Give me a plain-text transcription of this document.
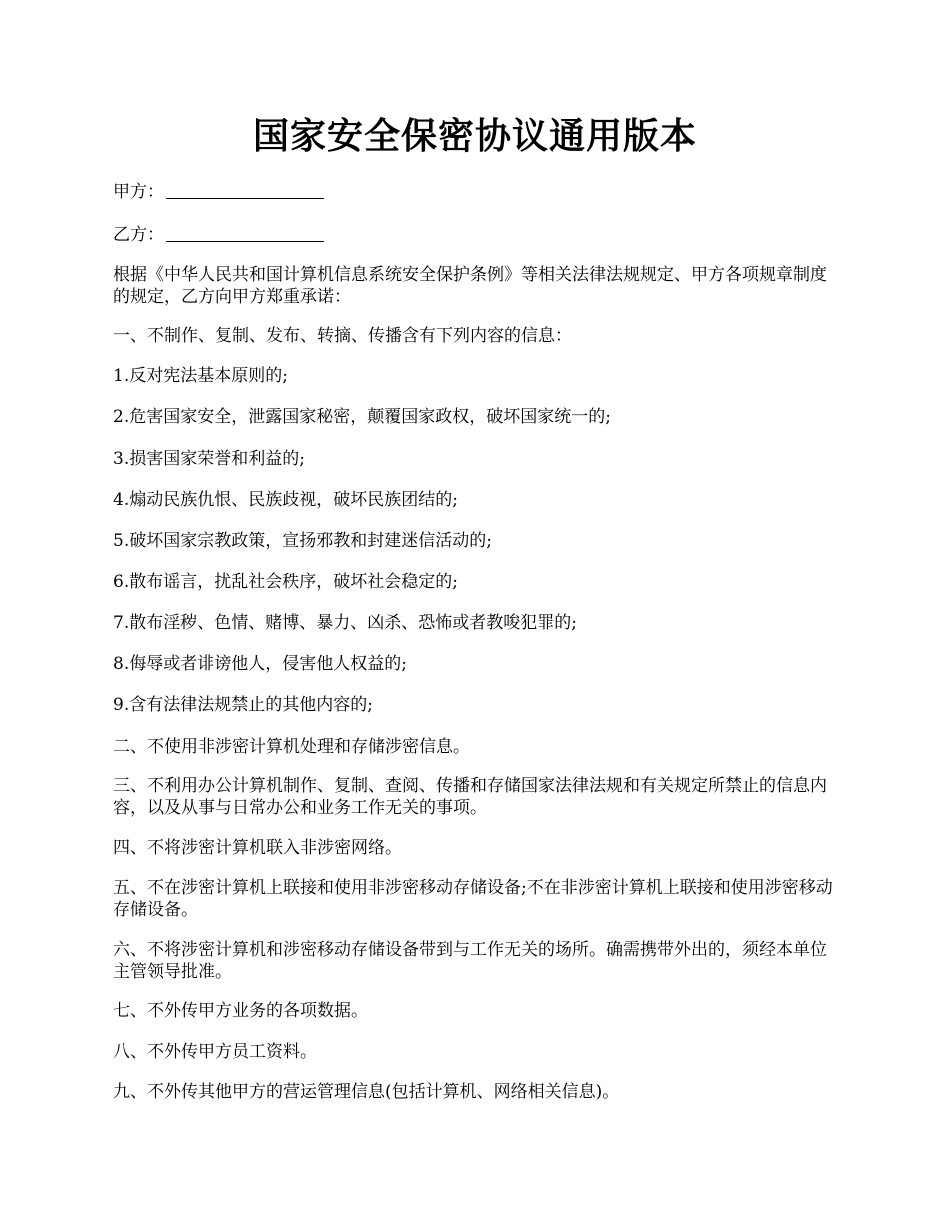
国家安全保密协议通用版本

甲方：

乙方：

根据《中华人民共和国计算机信息系统安全保护条例》等相关法律法规规定、甲方各项规章制度的规定，乙方向甲方郑重承诺：

一、不制作、复制、发布、转摘、传播含有下列内容的信息：

1.反对宪法基本原则的;

2.危害国家安全，泄露国家秘密，颠覆国家政权，破坏国家统一的;

3.损害国家荣誉和利益的;

4.煽动民族仇恨、民族歧视，破坏民族团结的;

5.破坏国家宗教政策，宣扬邪教和封建迷信活动的;

6.散布谣言，扰乱社会秩序，破坏社会稳定的;

7.散布淫秽、色情、赌博、暴力、凶杀、恐怖或者教唆犯罪的;

8.侮辱或者诽谤他人，侵害他人权益的;

9.含有法律法规禁止的其他内容的;

二、不使用非涉密计算机处理和存储涉密信息。

三、不利用办公计算机制作、复制、查阅、传播和存储国家法律法规和有关规定所禁止的信息内容，以及从事与日常办公和业务工作无关的事项。

四、不将涉密计算机联入非涉密网络。

五、不在涉密计算机上联接和使用非涉密移动存储设备;不在非涉密计算机上联接和使用涉密移动存储设备。

六、不将涉密计算机和涉密移动存储设备带到与工作无关的场所。确需携带外出的，须经本单位主管领导批准。

七、不外传甲方业务的各项数据。

八、不外传甲方员工资料。

九、不外传其他甲方的营运管理信息(包括计算机、网络相关信息)。
